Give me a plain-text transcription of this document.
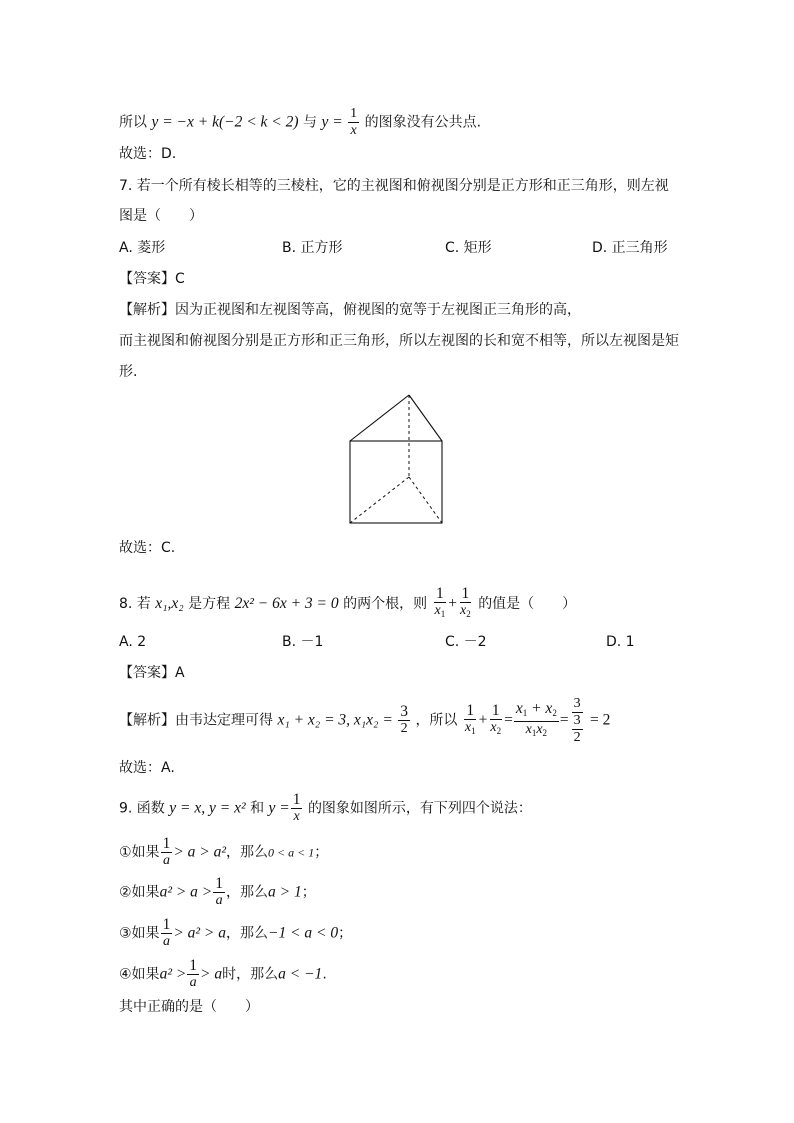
所以 y = −x + k(−2 < k < 2) 与 $y = \frac{1}{x}$ 的图象没有公共点.
故选：D.
7. 若一个所有棱长相等的三棱柱，它的主视图和俯视图分别是正方形和正三角形，则左视
图是（　　）
A. 菱形	B. 正方形	C. 矩形	D. 正三角形
【答案】C
【解析】因为正视图和左视图等高，俯视图的宽等于左视图正三角形的高，
而主视图和俯视图分别是正方形和正三角形，所以左视图的长和宽不相等，所以左视图是矩
形.
故选：C.
8. 若 x₁,x₂ 是方程 2x² − 6x + 3 = 0 的两个根，则 $\frac{1}{x_1} + \frac{1}{x_2}$ 的值是（　　）
A. 2	B. －1	C. －2	D. 1
【答案】A
【解析】由韦达定理可得 x₁ + x₂ = 3, $x_1x_2 = \frac{3}{2}$ ，所以 $\frac{1}{x_1} + \frac{1}{x_2} = \frac{x_1 + x_2}{x_1x_2} = \frac{3}{\frac{3}{2}} = 2$
故选：A.
9. 函数 y = x, y = x² 和 $y = \frac{1}{x}$ 的图象如图所示，有下列四个说法：
①如果 $\frac{1}{a} > a > a^2$，那么0 < a < 1；
②如果$a^2 > a > \frac{1}{a}$ ，那么a > 1；
③如果 $\frac{1}{a} > a^2 > a$，那么−1 < a < 0；
④如果$a^2 > \frac{1}{a} > a$时，那么a < −1.
其中正确的是（　　）
